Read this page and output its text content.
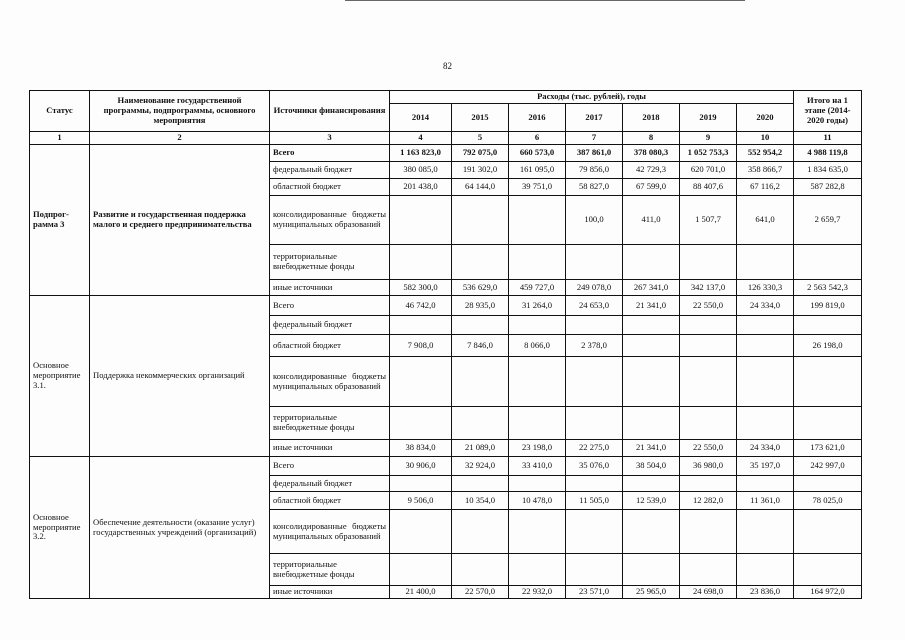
82
Статус	Наименование государственной программы, подпрограммы, основного мероприятия	Источники финансирования	Расходы (тыс. рублей), годы							Итого на 1 этапе (2014-2020 годы)
			2014	2015	2016	2017	2018	2019	2020	
1	2	3	4	5	6	7	8	9	10	11
Подпрог-рамма 3	Развитие и государственная поддержка малого и среднего предпринимательства	Всего	1 163 823,0	792 075,0	660 573,0	387 861,0	378 080,3	1 052 753,3	552 954,2	4 988 119,8
		федеральный бюджет	380 085,0	191 302,0	161 095,0	79 856,0	42 729,3	620 701,0	358 866,7	1 834 635,0
		областной бюджет	201 438,0	64 144,0	39 751,0	58 827,0	67 599,0	88 407,6	67 116,2	587 282,8
		консолидированные бюджеты муниципальных образований				100,0	411,0	1 507,7	641,0	2 659,7
		территориальные внебюджетные фонды								
		иные источники	582 300,0	536 629,0	459 727,0	249 078,0	267 341,0	342 137,0	126 330,3	2 563 542,3
Основное мероприятие 3.1.	Поддержка некоммерческих организаций	Всего	46 742,0	28 935,0	31 264,0	24 653,0	21 341,0	22 550,0	24 334,0	199 819,0
		федеральный бюджет								
		областной бюджет	7 908,0	7 846,0	8 066,0	2 378,0				26 198,0
		консолидированные бюджеты муниципальных образований								
		территориальные внебюджетные фонды								
		иные источники	38 834,0	21 089,0	23 198,0	22 275,0	21 341,0	22 550,0	24 334,0	173 621,0
Основное мероприятие 3.2.	Обеспечение деятельности (оказание услуг) государственных учреждений (организаций)	Всего	30 906,0	32 924,0	33 410,0	35 076,0	38 504,0	36 980,0	35 197,0	242 997,0
		федеральный бюджет								
		областной бюджет	9 506,0	10 354,0	10 478,0	11 505,0	12 539,0	12 282,0	11 361,0	78 025,0
		консолидированные бюджеты муниципальных образований								
		территориальные внебюджетные фонды								
		иные источники	21 400,0	22 570,0	22 932,0	23 571,0	25 965,0	24 698,0	23 836,0	164 972,0
